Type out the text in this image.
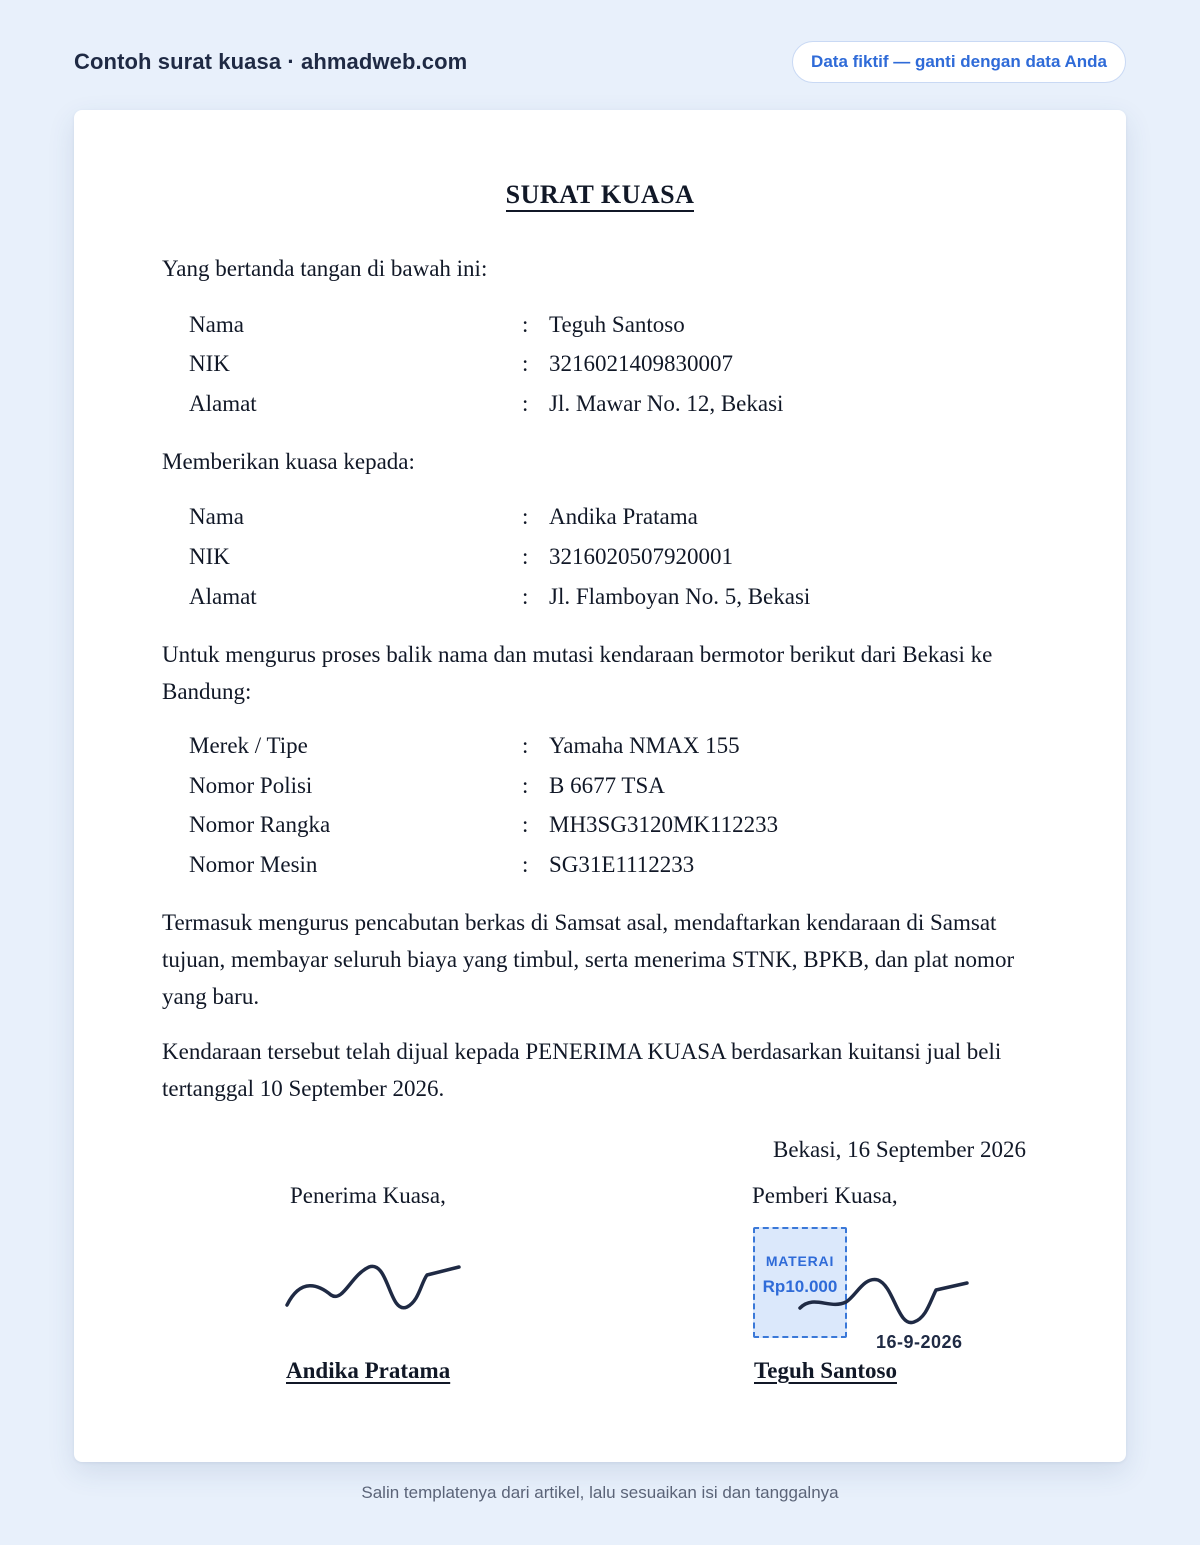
Contoh surat kuasa · ahmadweb.com	Data fiktif — ganti dengan data Anda
SURAT KUASA
Yang bertanda tangan di bawah ini:
Nama	: Teguh Santoso
NIK	: 3216021409830007
Alamat	: Jl. Mawar No. 12, Bekasi
Memberikan kuasa kepada:
Nama	: Andika Pratama
NIK	: 3216020507920001
Alamat	: Jl. Flamboyan No. 5, Bekasi
Untuk mengurus proses balik nama dan mutasi kendaraan bermotor berikut dari Bekasi ke Bandung:
Merek / Tipe	: Yamaha NMAX 155
Nomor Polisi	: B 6677 TSA
Nomor Rangka	: MH3SG3120MK112233
Nomor Mesin	: SG31E1112233
Termasuk mengurus pencabutan berkas di Samsat asal, mendaftarkan kendaraan di Samsat tujuan, membayar seluruh biaya yang timbul, serta menerima STNK, BPKB, dan plat nomor yang baru.
Kendaraan tersebut telah dijual kepada PENERIMA KUASA berdasarkan kuitansi jual beli tertanggal 10 September 2026.
Bekasi, 16 September 2026
Penerima Kuasa,	Pemberi Kuasa,
MATERAI
Rp10.000
16-9-2026
Andika Pratama	Teguh Santoso
Salin templatenya dari artikel, lalu sesuaikan isi dan tanggalnya
